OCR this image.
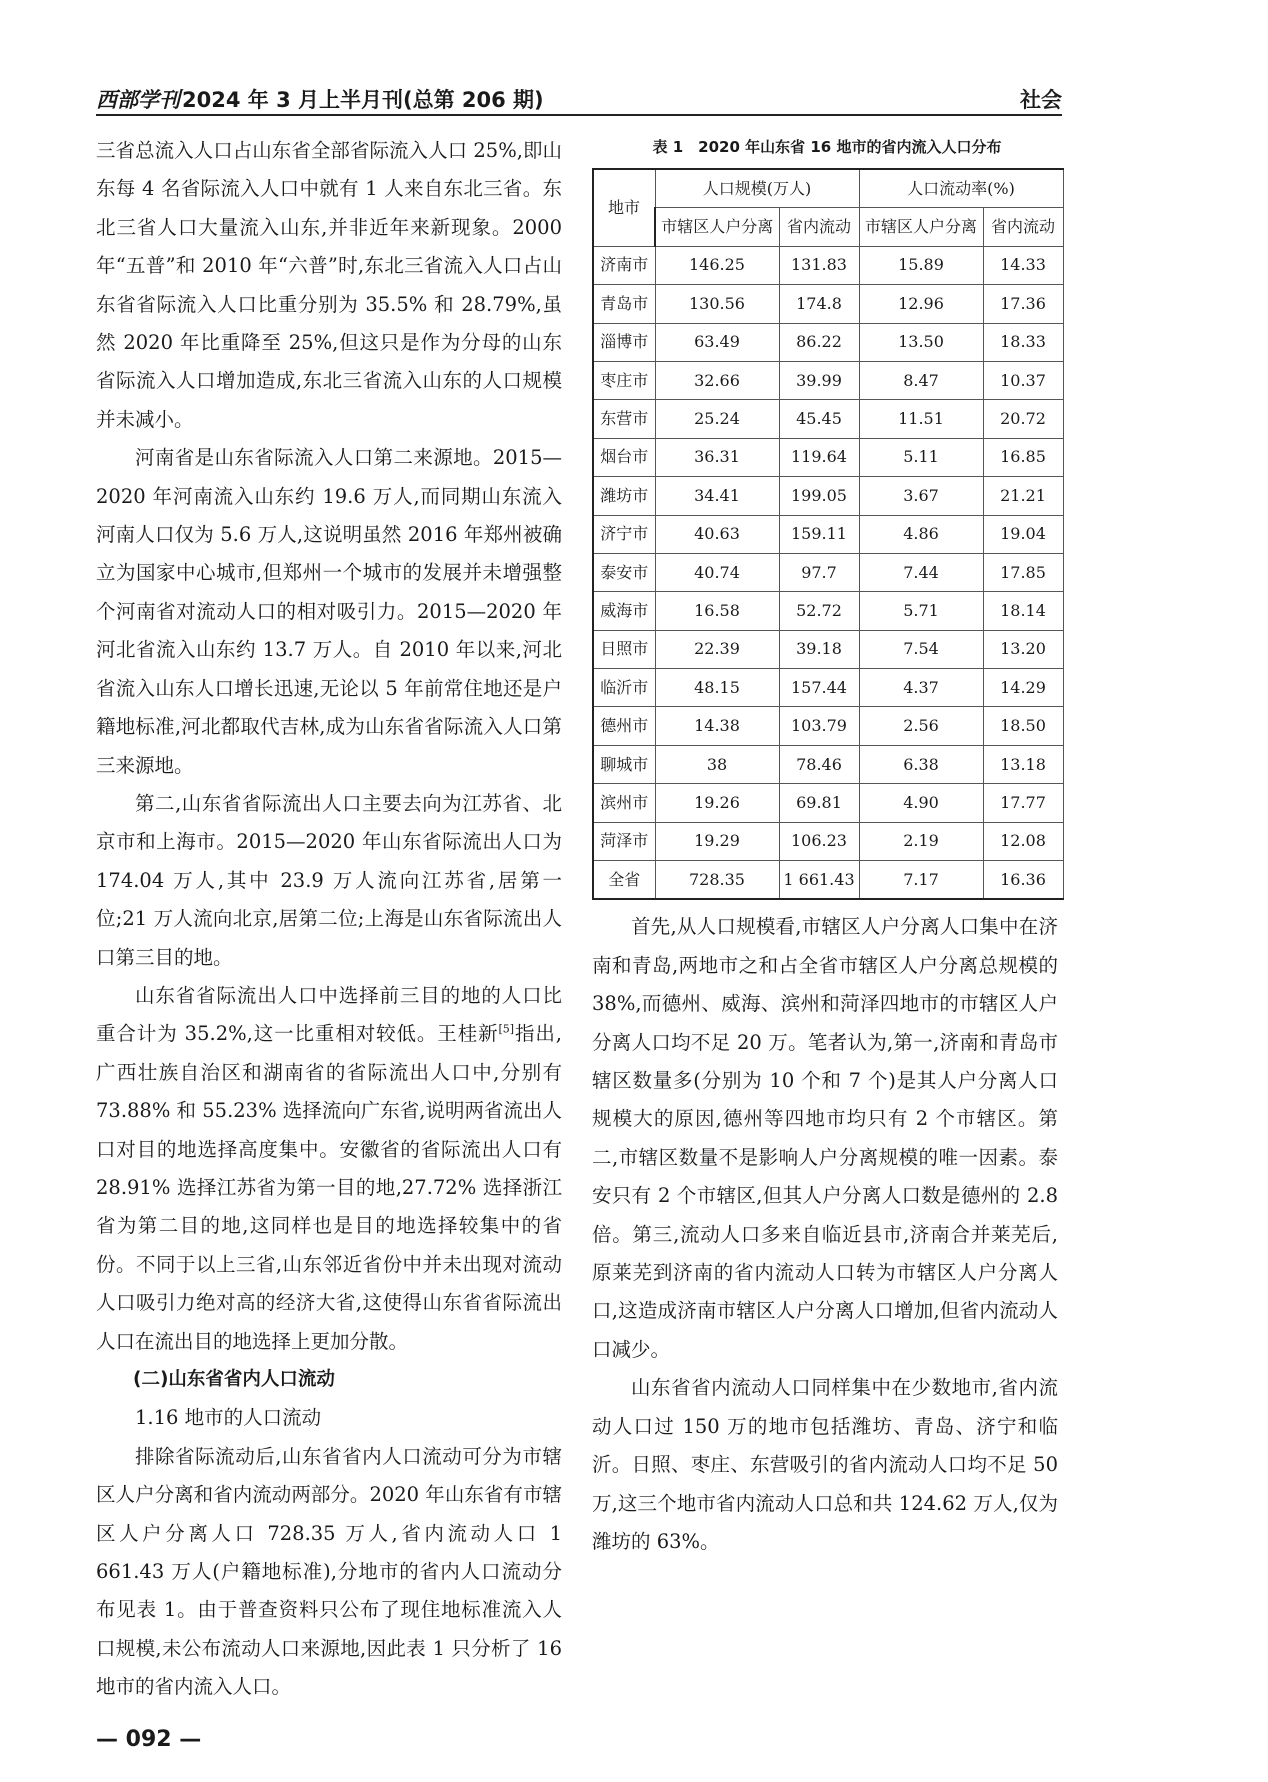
西部学刊2024 年 3 月上半月刊(总第 206 期)	社会

三省总流入人口占山东省全部省际流入人口 25%,即山东每 4 名省际流入人口中就有 1 人来自东北三省。东北三省人口大量流入山东,并非近年来新现象。2000 年“五普”和 2010 年“六普”时,东北三省流入人口占山东省省际流入人口比重分别为 35.5% 和 28.79%,虽然 2020 年比重降至 25%,但这只是作为分母的山东省际流入人口增加造成,东北三省流入山东的人口规模并未减小。

河南省是山东省际流入人口第二来源地。2015—2020 年河南流入山东约 19.6 万人,而同期山东流入河南人口仅为 5.6 万人,这说明虽然 2016 年郑州被确立为国家中心城市,但郑州一个城市的发展并未增强整个河南省对流动人口的相对吸引力。2015—2020 年河北省流入山东约 13.7 万人。自 2010 年以来,河北省流入山东人口增长迅速,无论以 5 年前常住地还是户籍地标准,河北都取代吉林,成为山东省省际流入人口第三来源地。

第二,山东省省际流出人口主要去向为江苏省、北京市和上海市。2015—2020 年山东省际流出人口为 174.04 万人,其中 23.9 万人流向江苏省,居第一位;21 万人流向北京,居第二位;上海是山东省际流出人口第三目的地。

山东省省际流出人口中选择前三目的地的人口比重合计为 35.2%,这一比重相对较低。王桂新[5]指出,广西壮族自治区和湖南省的省际流出人口中,分别有 73.88% 和 55.23% 选择流向广东省,说明两省流出人口对目的地选择高度集中。安徽省的省际流出人口有 28.91% 选择江苏省为第一目的地,27.72% 选择浙江省为第二目的地,这同样也是目的地选择较集中的省份。不同于以上三省,山东邻近省份中并未出现对流动人口吸引力绝对高的经济大省,这使得山东省省际流出人口在流出目的地选择上更加分散。

(二)山东省省内人口流动

1.16 地市的人口流动

排除省际流动后,山东省省内人口流动可分为市辖区人户分离和省内流动两部分。2020 年山东省有市辖区人户分离人口 728.35 万人,省内流动人口 1 661.43 万人(户籍地标准),分地市的省内人口流动分布见表 1。由于普查资料只公布了现住地标准流入人口规模,未公布流动人口来源地,因此表 1 只分析了 16 地市的省内流入人口。

表 1　2020 年山东省 16 地市的省内流入人口分布
地市	人口规模(万人)		人口流动率(%)	
	市辖区人户分离	省内流动	市辖区人户分离	省内流动
济南市	146.25	131.83	15.89	14.33
青岛市	130.56	174.8	12.96	17.36
淄博市	63.49	86.22	13.50	18.33
枣庄市	32.66	39.99	8.47	10.37
东营市	25.24	45.45	11.51	20.72
烟台市	36.31	119.64	5.11	16.85
潍坊市	34.41	199.05	3.67	21.21
济宁市	40.63	159.11	4.86	19.04
泰安市	40.74	97.7	7.44	17.85
威海市	16.58	52.72	5.71	18.14
日照市	22.39	39.18	7.54	13.20
临沂市	48.15	157.44	4.37	14.29
德州市	14.38	103.79	2.56	18.50
聊城市	38	78.46	6.38	13.18
滨州市	19.26	69.81	4.90	17.77
菏泽市	19.29	106.23	2.19	12.08
全省	728.35	1 661.43	7.17	16.36

首先,从人口规模看,市辖区人户分离人口集中在济南和青岛,两地市之和占全省市辖区人户分离总规模的 38%,而德州、威海、滨州和菏泽四地市的市辖区人户分离人口均不足 20 万。笔者认为,第一,济南和青岛市辖区数量多(分别为 10 个和 7 个)是其人户分离人口规模大的原因,德州等四地市均只有 2 个市辖区。第二,市辖区数量不是影响人户分离规模的唯一因素。泰安只有 2 个市辖区,但其人户分离人口数是德州的 2.8 倍。第三,流动人口多来自临近县市,济南合并莱芜后,原莱芜到济南的省内流动人口转为市辖区人户分离人口,这造成济南市辖区人户分离人口增加,但省内流动人口减少。

山东省省内流动人口同样集中在少数地市,省内流动人口过 150 万的地市包括潍坊、青岛、济宁和临沂。日照、枣庄、东营吸引的省内流动人口均不足 50 万,这三个地市省内流动人口总和共 124.62 万人,仅为潍坊的 63%。

— 092 —
